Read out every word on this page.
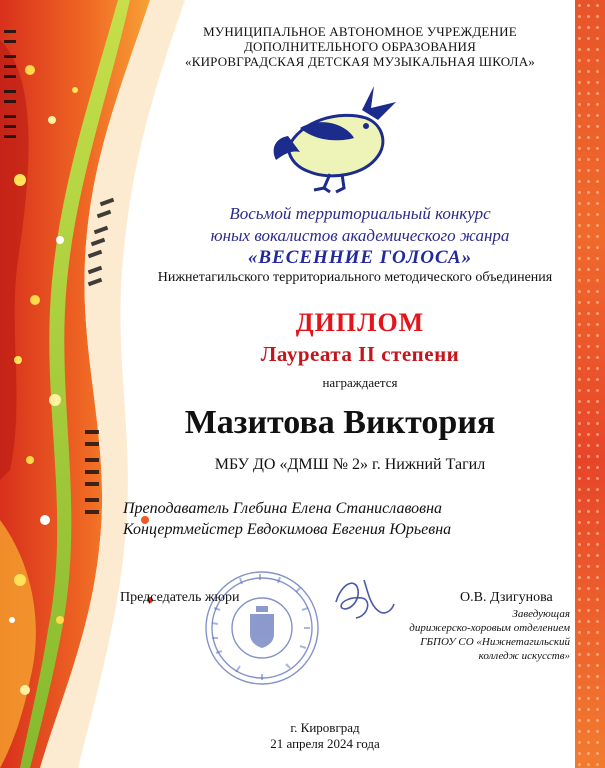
МУНИЦИПАЛЬНОЕ АВТОНОМНОЕ УЧРЕЖДЕНИЕ
ДОПОЛНИТЕЛЬНОГО ОБРАЗОВАНИЯ
«КИРОВГРАДСКАЯ ДЕТСКАЯ МУЗЫКАЛЬНАЯ ШКОЛА»
Восьмой территориальный конкурс
юных вокалистов академического жанра
«ВЕСЕННИЕ ГОЛОСА»
Нижнетагильского территориального методического объединения
ДИПЛОМ
Лауреата II степени
награждается
Мазитова Виктория
МБУ ДО «ДМШ № 2» г. Нижний Тагил
Преподаватель Глебина Елена Станиславовна
Концертмейстер Евдокимова Евгения Юрьевна
Председатель жюри	О.В. Дзигунова
Заведующая
дирижерско-хоровым отделением
ГБПОУ СО «Нижнетагильский
колледж искусств»
г. Кировград
21 апреля 2024 года
